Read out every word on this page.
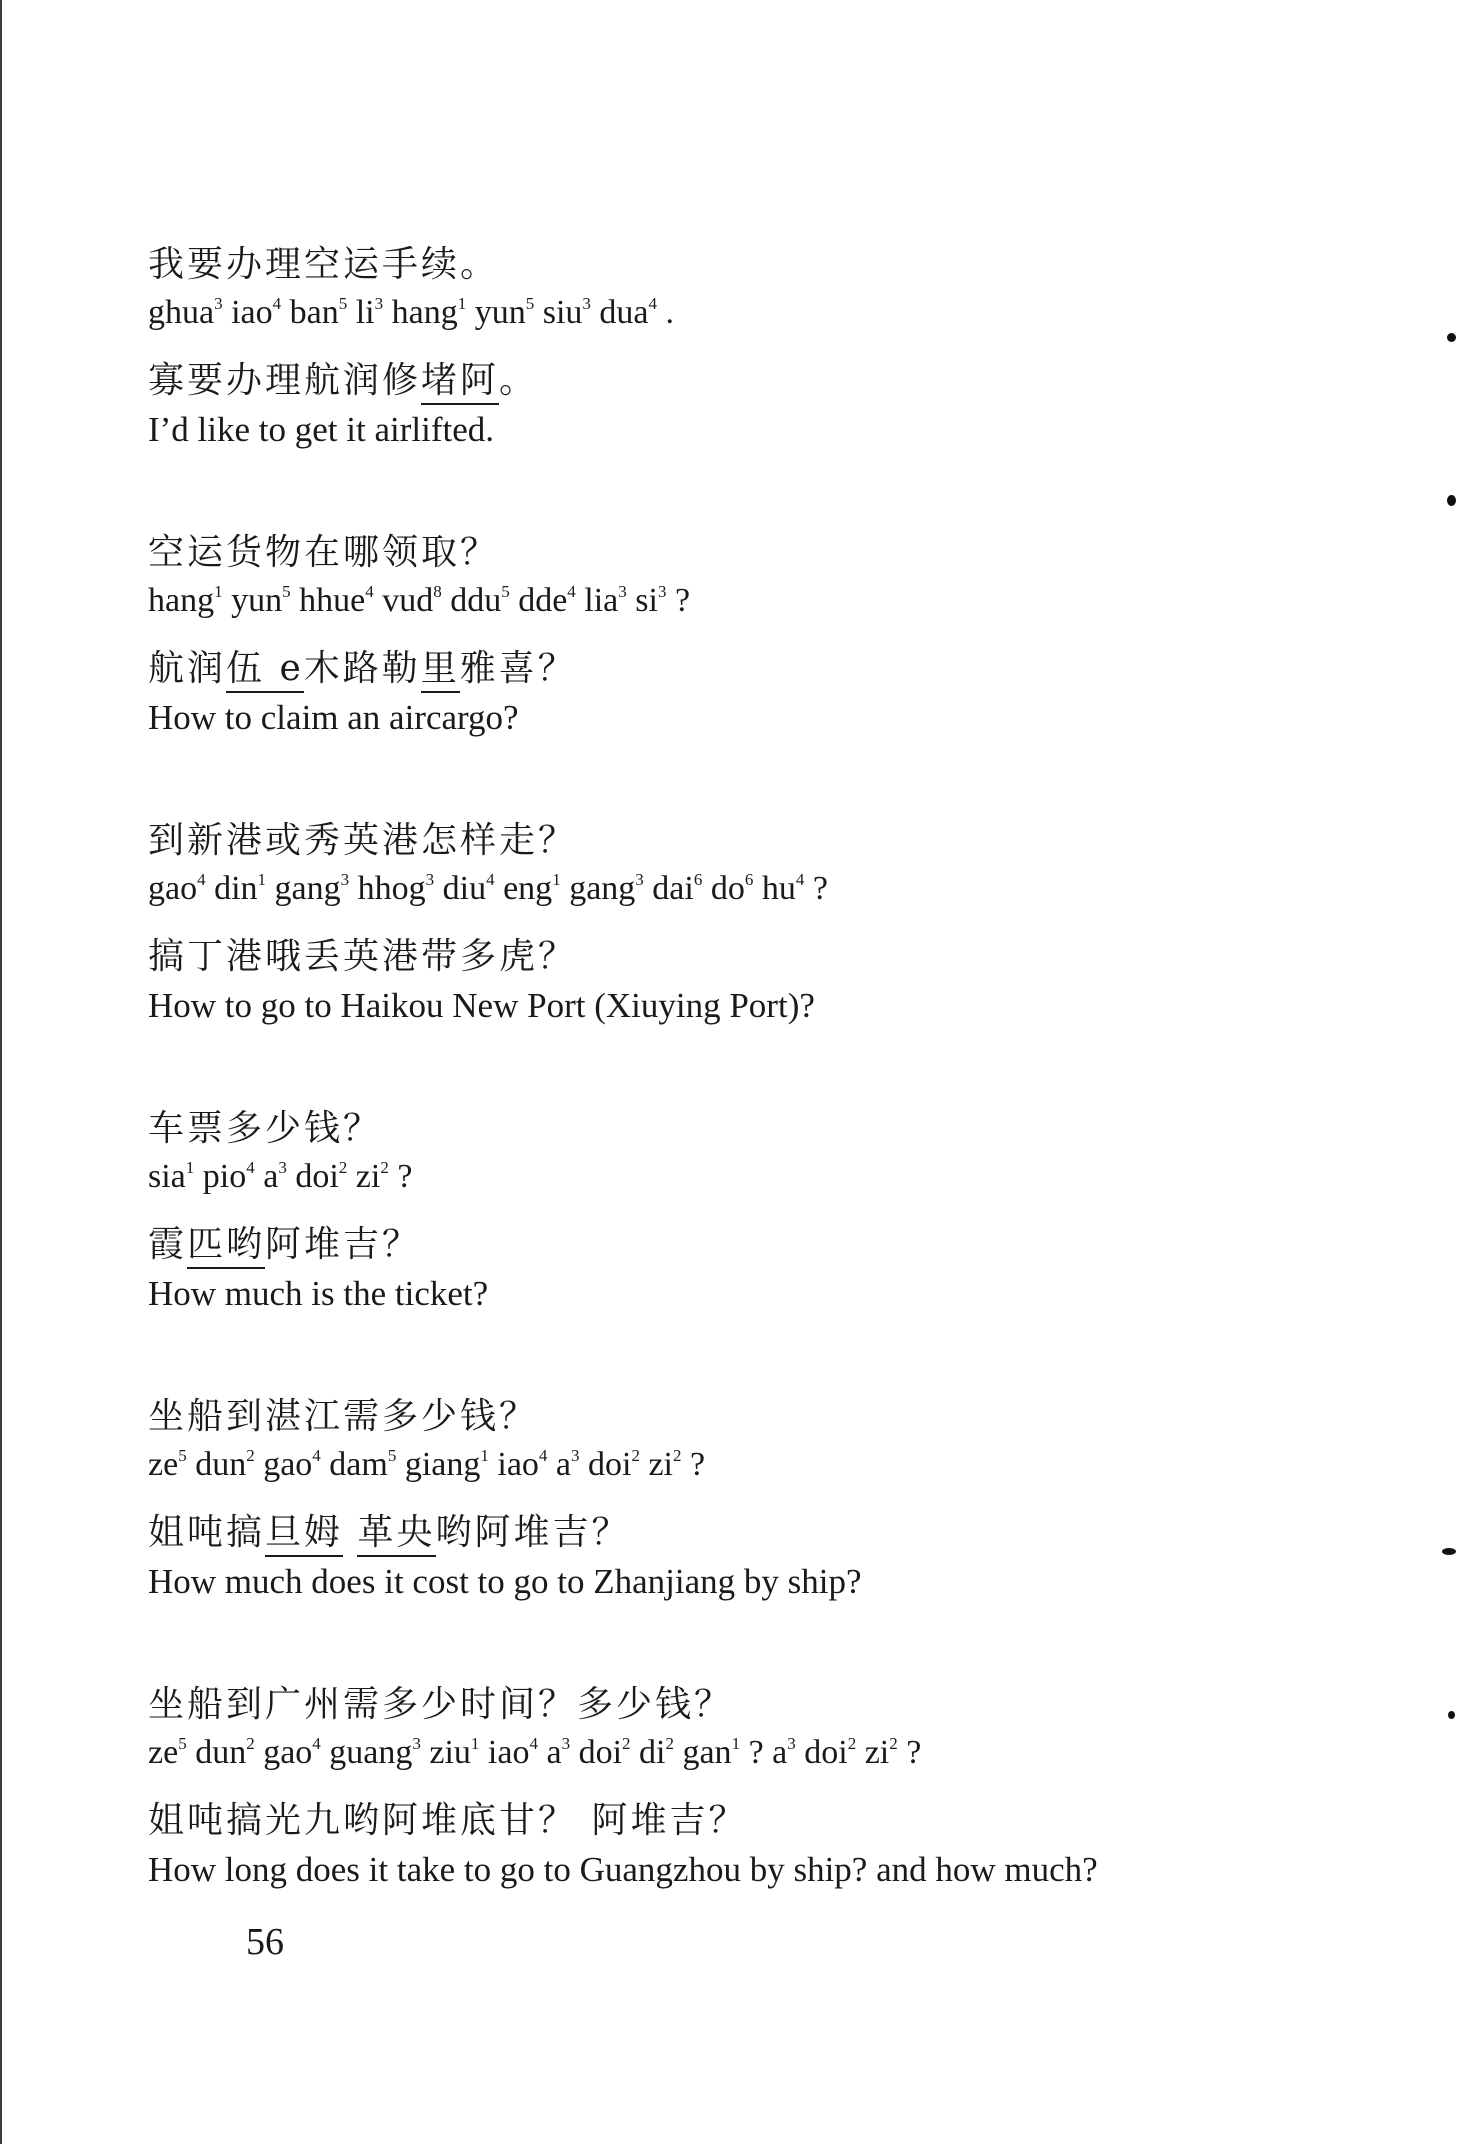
我要办理空运手续。
ghua$^3$ iao$^4$ ban$^5$ $li^3$ hang$^1$ yun$^5$ siu$^3$ dua$^4$ .
寡要办理航润修堵阿。
I’d like to get it airlifted.
空运货物在哪领取？
hang$^1$ yun$^5$ hhue$^4$ vud$^8$ ddu$^5$ dde$^4$ lia$^3$ $si^3$ ?
航润伍 e木路勒里雅喜？
How to claim an aircargo?
到新港或秀英港怎样走？
gao$^4$ din$^1$ gang$^3$ hhog$^3$ diu$^4$ eng$^1$ gang$^3$ dai$^6$ $do^6$ $hu^4$ ?
搞丁港哦丢英港带多虎？
How to go to Haikou New Port (Xiuying Port)?
车票多少钱？
sia$^1$ pio$^4$ $a^3$ doi$^2$ $zi^2$ ?
霞匹哟阿堆吉？
How much is the ticket?
坐船到湛江需多少钱？
$ze^5$ dun$^2$ gao$^4$ dam$^5$ giang$^1$ iao$^4$ $a^3$ doi$^2$ $zi^2$ ?
姐吨搞旦姆 革央哟阿堆吉？
How much does it cost to go to Zhanjiang by ship?
坐船到广州需多少时间？多少钱？
$ze^5$ dun$^2$ gao$^4$ guang$^3$ ziu$^1$ iao$^4$ $a^3$ doi$^2$ $di^2$ gan$^1$ ? $a^3$ doi$^2$ $zi^2$ ?
姐吨搞光九哟阿堆底甘？ 阿堆吉？
How long does it take to go to Guangzhou by ship? and how much?
56
